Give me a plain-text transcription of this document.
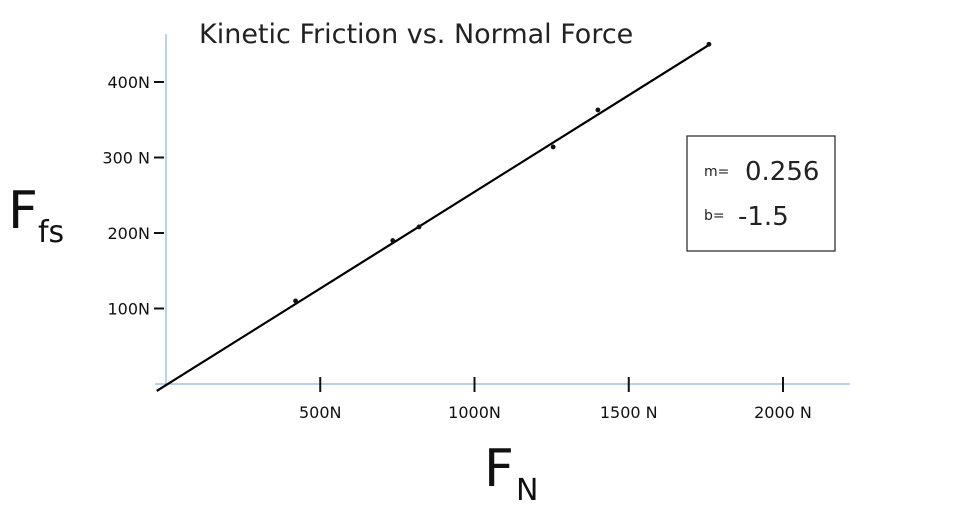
Kinetic Friction vs. Normal Force
100N
200N
300 N
400N
500N	1000N	1500 N	2000 N
F fs
F N
m= 0.256
b= -1.5
